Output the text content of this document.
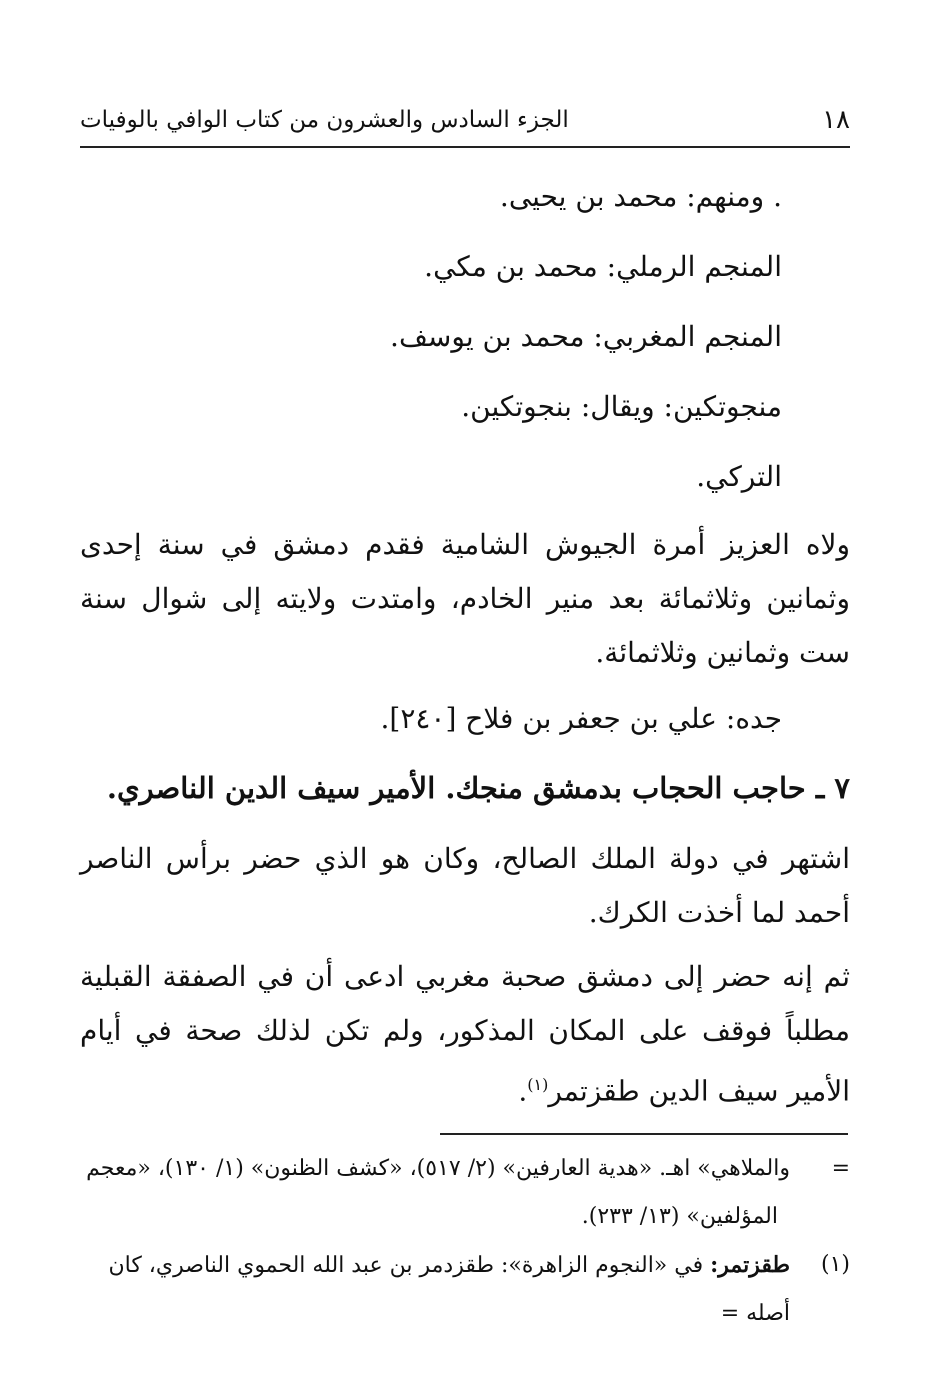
١٨
الجزء السادس والعشرون من كتاب الوافي بالوفيات

. ومنهم: محمد بن يحيى.

المنجم الرملي: محمد بن مكي.

المنجم المغربي: محمد بن يوسف.

منجوتكين: ويقال: بنجوتكين.

التركي.

ولاه العزيز أمرة الجيوش الشامية فقدم دمشق في سنة إحدى وثمانين وثلاثمائة بعد منير الخادم، وامتدت ولايته إلى شوال سنة ست وثمانين وثلاثمائة.

جده: علي بن جعفر بن فلاح [٢٤٠].

٧ ـ حاجب الحجاب بدمشق منجك. الأمير سيف الدين الناصري.

اشتهر في دولة الملك الصالح، وكان هو الذي حضر برأس الناصر أحمد لما أخذت الكرك.

ثم إنه حضر إلى دمشق صحبة مغربي ادعى أن في الصفقة القبلية مطلباً فوقف على المكان المذكور، ولم تكن لذلك صحة في أيام الأمير سيف الدين طقزتمر$^{(١)}$.

=
والملاهي» اهـ. «هدية العارفين» (٢/ ٥١٧)، «كشف الظنون» (١/ ١٣٠)، «معجم
المؤلفين» (١٣/ ٢٣٣).
(١)
طقزتمر: في «النجوم الزاهرة»: طقزدمر بن عبد الله الحموي الناصري، كان أصله =
